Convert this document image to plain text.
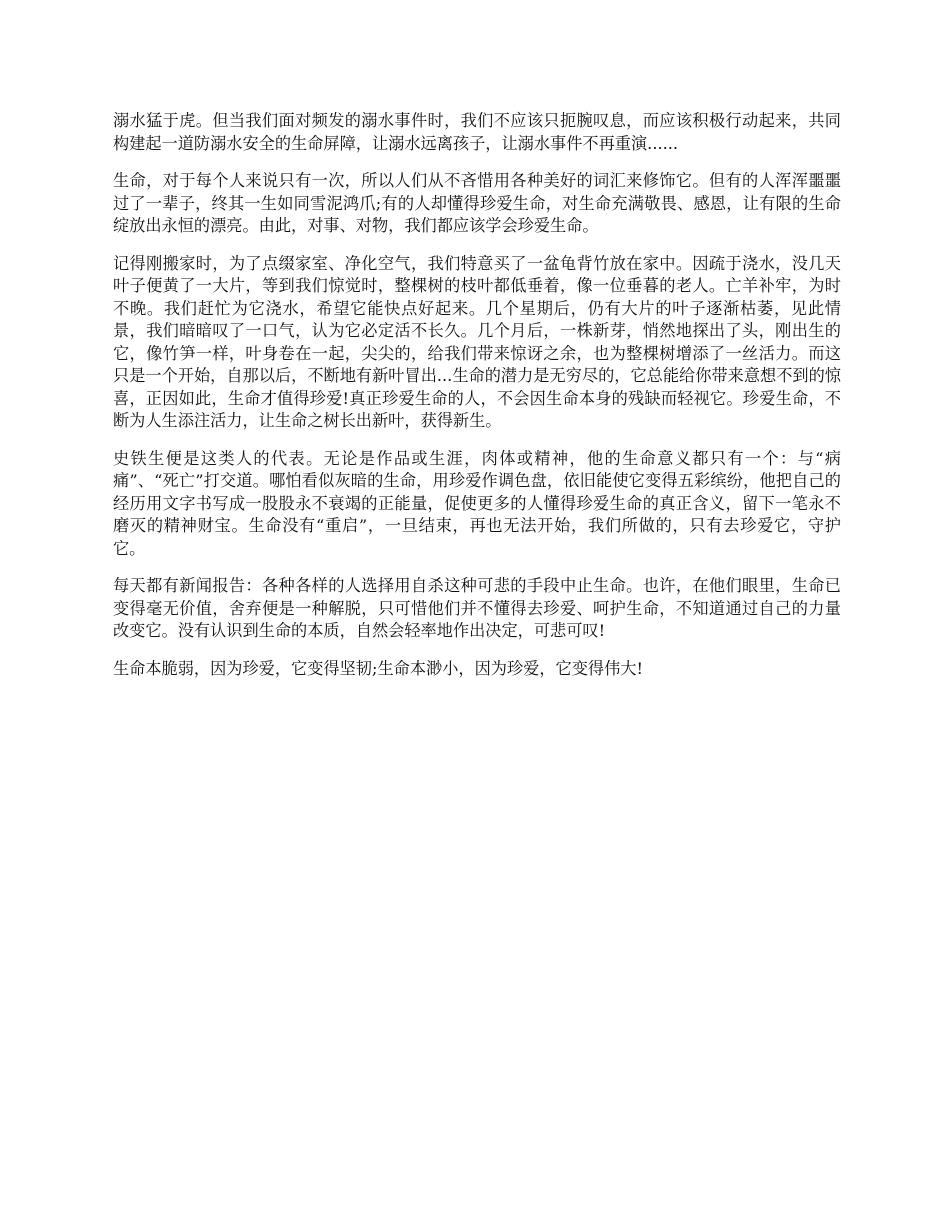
溺水猛于虎。但当我们面对频发的溺水事件时，我们不应该只扼腕叹息，而应该积极行动起来，共同构建起一道防溺水安全的生命屏障，让溺水远离孩子，让溺水事件不再重演......

生命，对于每个人来说只有一次，所以人们从不吝惜用各种美好的词汇来修饰它。但有的人浑浑噩噩过了一辈子，终其一生如同雪泥鸿爪;有的人却懂得珍爱生命，对生命充满敬畏、感恩，让有限的生命绽放出永恒的漂亮。由此，对事、对物，我们都应该学会珍爱生命。

记得刚搬家时，为了点缀家室、净化空气，我们特意买了一盆龟背竹放在家中。因疏于浇水，没几天叶子便黄了一大片，等到我们惊觉时，整棵树的枝叶都低垂着，像一位垂暮的老人。亡羊补牢，为时不晚。我们赶忙为它浇水，希望它能快点好起来。几个星期后，仍有大片的叶子逐渐枯萎，见此情景，我们暗暗叹了一口气，认为它必定活不长久。几个月后，一株新芽，悄然地探出了头，刚出生的它，像竹笋一样，叶身卷在一起，尖尖的，给我们带来惊讶之余，也为整棵树增添了一丝活力。而这只是一个开始，自那以后，不断地有新叶冒出...生命的潜力是无穷尽的，它总能给你带来意想不到的惊喜，正因如此，生命才值得珍爱!真正珍爱生命的人，不会因生命本身的残缺而轻视它。珍爱生命，不断为人生添注活力，让生命之树长出新叶，获得新生。

史铁生便是这类人的代表。无论是作品或生涯，肉体或精神，他的生命意义都只有一个：与“病痛”、“死亡”打交道。哪怕看似灰暗的生命，用珍爱作调色盘，依旧能使它变得五彩缤纷，他把自己的经历用文字书写成一股股永不衰竭的正能量，促使更多的人懂得珍爱生命的真正含义，留下一笔永不磨灭的精神财宝。生命没有“重启”，一旦结束，再也无法开始，我们所做的，只有去珍爱它，守护它。

每天都有新闻报告：各种各样的人选择用自杀这种可悲的手段中止生命。也许，在他们眼里，生命已变得毫无价值，舍弃便是一种解脱，只可惜他们并不懂得去珍爱、呵护生命，不知道通过自己的力量改变它。没有认识到生命的本质，自然会轻率地作出决定，可悲可叹!

生命本脆弱，因为珍爱，它变得坚韧;生命本渺小，因为珍爱，它变得伟大!
